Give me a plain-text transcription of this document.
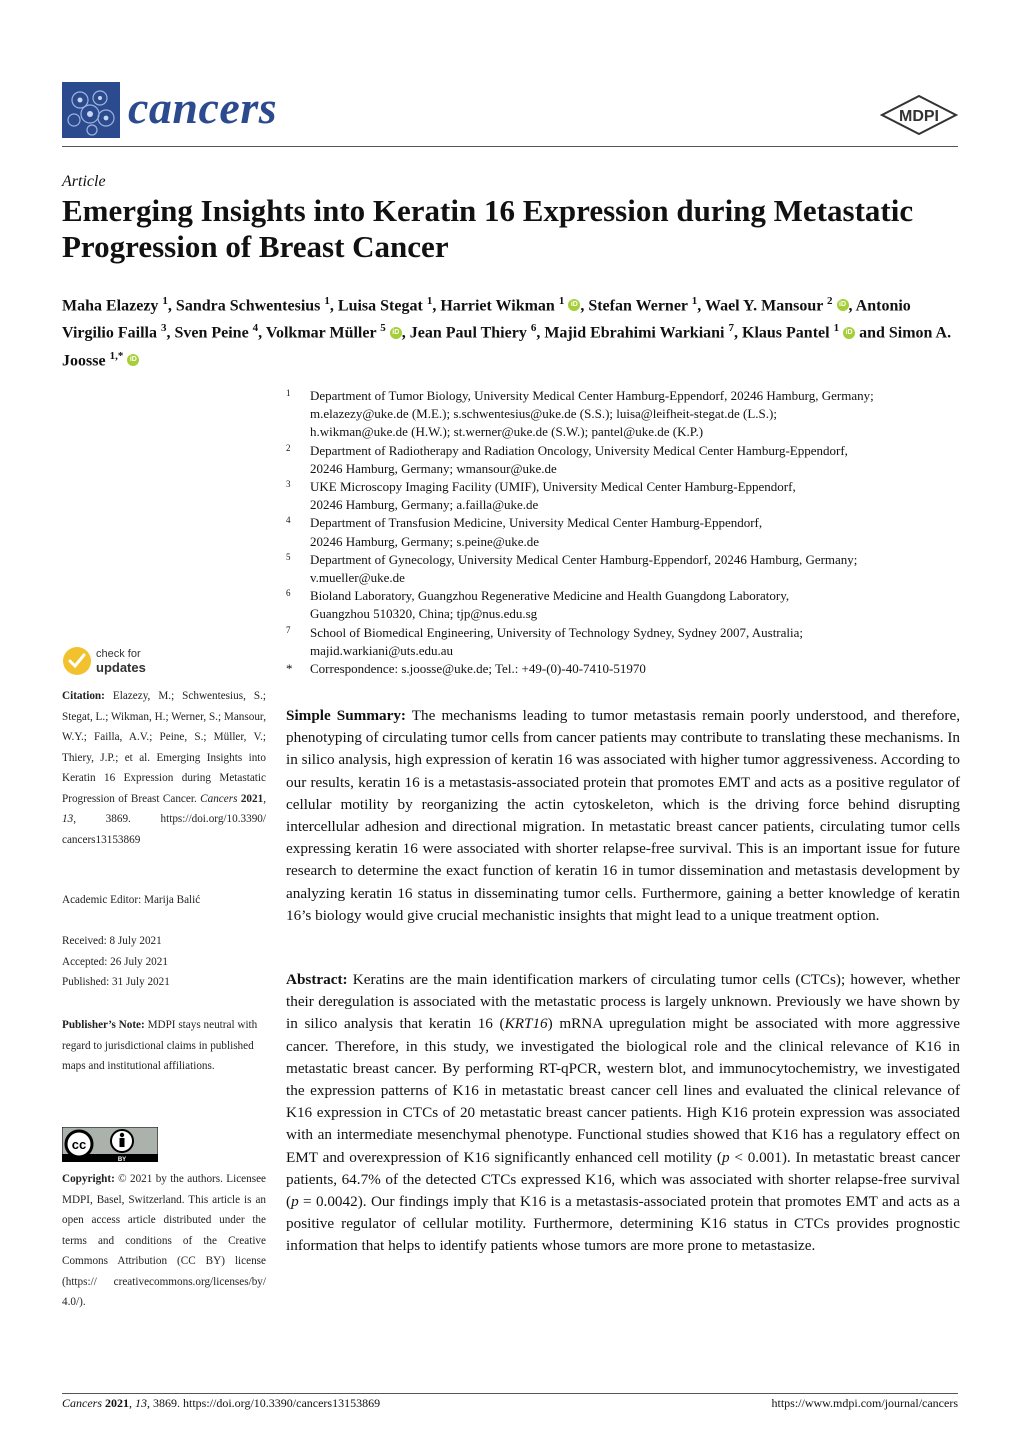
cancers	MDPI
Article
Emerging Insights into Keratin 16 Expression during Metastatic Progression of Breast Cancer
Maha Elazezy $^1$, Sandra Schwentesius $^1$, Luisa Stegat $^1$, Harriet Wikman $^1$ iD , Stefan Werner $^1$, Wael Y. Mansour $^2$ iD , Antonio Virgilio Failla $^3$, Sven Peine $^4$, Volkmar Müller $^5$ iD , Jean Paul Thiery $^6$, Majid Ebrahimi Warkiani $^7$, Klaus Pantel $^1$ iD and Simon A. Joosse $^{1,*}$ iD
1 Department of Tumor Biology, University Medical Center Hamburg-Eppendorf, 20246 Hamburg, Germany;
m.elazezy@uke.de (M.E.); s.schwentesius@uke.de (S.S.); luisa@leifheit-stegat.de (L.S.);
h.wikman@uke.de (H.W.); st.werner@uke.de (S.W.); pantel@uke.de (K.P.)
2 Department of Radiotherapy and Radiation Oncology, University Medical Center Hamburg-Eppendorf,
20246 Hamburg, Germany; wmansour@uke.de
3 UKE Microscopy Imaging Facility (UMIF), University Medical Center Hamburg-Eppendorf,
20246 Hamburg, Germany; a.failla@uke.de
4 Department of Transfusion Medicine, University Medical Center Hamburg-Eppendorf,
20246 Hamburg, Germany; s.peine@uke.de
5 Department of Gynecology, University Medical Center Hamburg-Eppendorf, 20246 Hamburg, Germany;
v.mueller@uke.de
6 Bioland Laboratory, Guangzhou Regenerative Medicine and Health Guangdong Laboratory,
Guangzhou 510320, China; tjp@nus.edu.sg
7 School of Biomedical Engineering, University of Technology Sydney, Sydney 2007, Australia;
majid.warkiani@uts.edu.au
* Correspondence: s.joosse@uke.de; Tel.: +49-(0)-40-7410-51970
check for
updates
Citation: Elazezy, M.; Schwentesius, S.; Stegat, L.; Wikman, H.; Werner, S.; Mansour, W.Y.; Failla, A.V.; Peine, S.; Müller, V.; Thiery, J.P.; et al. Emerging Insights into Keratin 16 Expression during Metastatic Progression of Breast Cancer. Cancers 2021, 13, 3869. https://doi.org/10.3390/ cancers13153869
Academic Editor: Marija Balić
Received: 8 July 2021
Accepted: 26 July 2021
Published: 31 July 2021
Publisher’s Note: MDPI stays neutral with regard to jurisdictional claims in published maps and institutional affiliations.
cc
BY
Copyright: © 2021 by the authors. Licensee MDPI, Basel, Switzerland. This article is an open access article distributed under the terms and conditions of the Creative Commons Attribution (CC BY) license (https:// creativecommons.org/licenses/by/ 4.0/).
Simple Summary: The mechanisms leading to tumor metastasis remain poorly understood, and therefore, phenotyping of circulating tumor cells from cancer patients may contribute to translating these mechanisms. In in silico analysis, high expression of keratin 16 was associated with higher tumor aggressiveness. According to our results, keratin 16 is a metastasis-associated protein that promotes EMT and acts as a positive regulator of cellular motility by reorganizing the actin cytoskeleton, which is the driving force behind disrupting intercellular adhesion and directional migration. In metastatic breast cancer patients, circulating tumor cells expressing keratin 16 were associated with shorter relapse-free survival. This is an important issue for future research to determine the exact function of keratin 16 in tumor dissemination and metastasis development by analyzing keratin 16 status in disseminating tumor cells. Furthermore, gaining a better knowledge of keratin 16’s biology would give crucial mechanistic insights that might lead to a unique treatment option.
Abstract: Keratins are the main identification markers of circulating tumor cells (CTCs); however, whether their deregulation is associated with the metastatic process is largely unknown. Previously we have shown by in silico analysis that keratin 16 (KRT16) mRNA upregulation might be associated with more aggressive cancer. Therefore, in this study, we investigated the biological role and the clinical relevance of K16 in metastatic breast cancer. By performing RT-qPCR, western blot, and immunocytochemistry, we investigated the expression patterns of K16 in metastatic breast cancer cell lines and evaluated the clinical relevance of K16 expression in CTCs of 20 metastatic breast cancer patients. High K16 protein expression was associated with an intermediate mesenchymal phenotype. Functional studies showed that K16 has a regulatory effect on EMT and overexpression of K16 significantly enhanced cell motility (p < 0.001). In metastatic breast cancer patients, 64.7% of the detected CTCs expressed K16, which was associated with shorter relapse-free survival (p = 0.0042). Our findings imply that K16 is a metastasis-associated protein that promotes EMT and acts as a positive regulator of cellular motility. Furthermore, determining K16 status in CTCs provides prognostic information that helps to identify patients whose tumors are more prone to metastasize.
Cancers 2021, 13, 3869. https://doi.org/10.3390/cancers13153869	https://www.mdpi.com/journal/cancers
